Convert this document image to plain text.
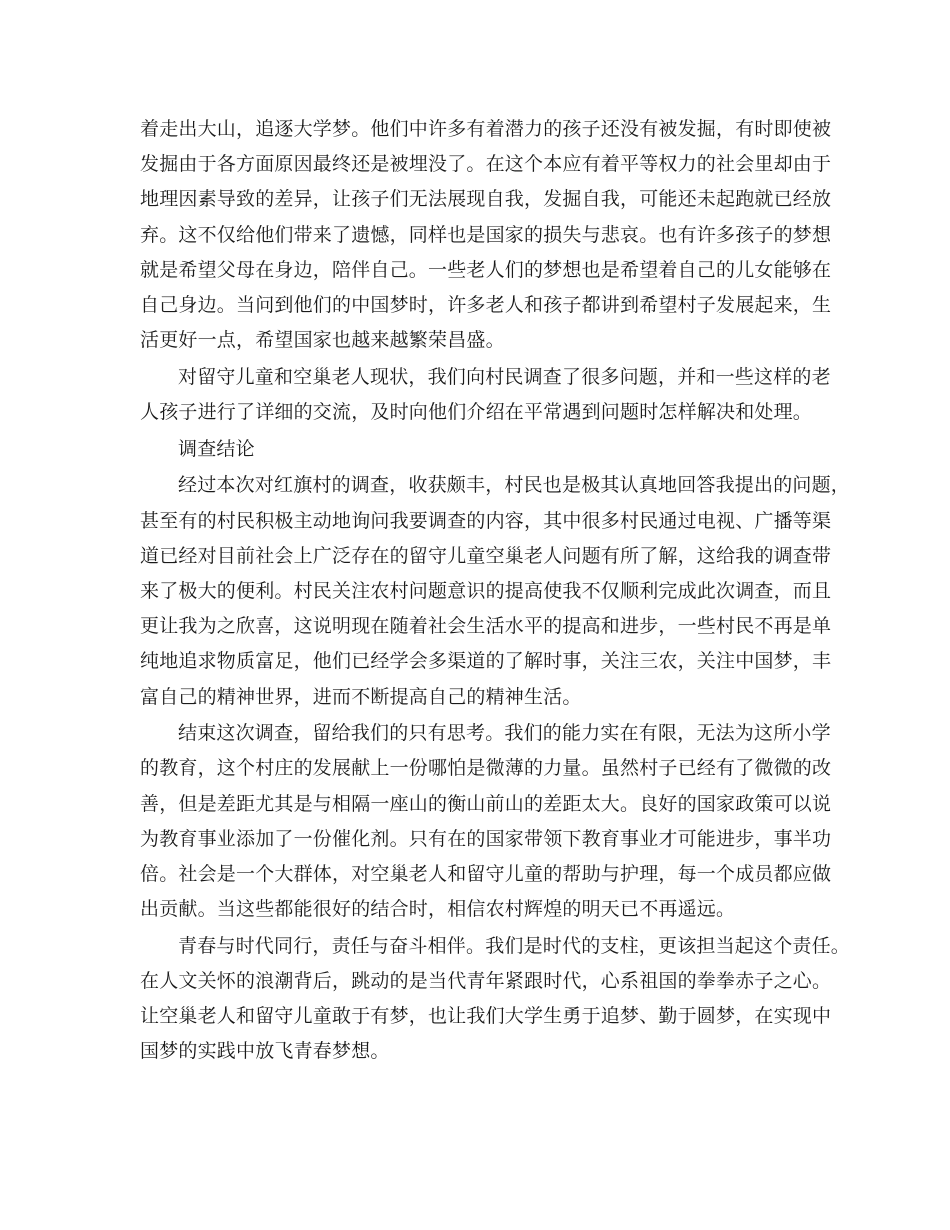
着走出大山，追逐大学梦。他们中许多有着潜力的孩子还没有被发掘，有时即使被
发掘由于各方面原因最终还是被埋没了。在这个本应有着平等权力的社会里却由于
地理因素导致的差异，让孩子们无法展现自我，发掘自我，可能还未起跑就已经放
弃。这不仅给他们带来了遗憾，同样也是国家的损失与悲哀。也有许多孩子的梦想
就是希望父母在身边，陪伴自己。一些老人们的梦想也是希望着自己的儿女能够在
自己身边。当问到他们的中国梦时，许多老人和孩子都讲到希望村子发展起来，生
活更好一点，希望国家也越来越繁荣昌盛。
对留守儿童和空巢老人现状，我们向村民调查了很多问题，并和一些这样的老
人孩子进行了详细的交流，及时向他们介绍在平常遇到问题时怎样解决和处理。
调查结论
经过本次对红旗村的调查，收获颇丰，村民也是极其认真地回答我提出的问题，
甚至有的村民积极主动地询问我要调查的内容，其中很多村民通过电视、广播等渠
道已经对目前社会上广泛存在的留守儿童空巢老人问题有所了解，这给我的调查带
来了极大的便利。村民关注农村问题意识的提高使我不仅顺利完成此次调查，而且
更让我为之欣喜，这说明现在随着社会生活水平的提高和进步，一些村民不再是单
纯地追求物质富足，他们已经学会多渠道的了解时事，关注三农，关注中国梦，丰
富自己的精神世界，进而不断提高自己的精神生活。
结束这次调查，留给我们的只有思考。我们的能力实在有限，无法为这所小学
的教育，这个村庄的发展献上一份哪怕是微薄的力量。虽然村子已经有了微微的改
善，但是差距尤其是与相隔一座山的衡山前山的差距太大。良好的国家政策可以说
为教育事业添加了一份催化剂。只有在的国家带领下教育事业才可能进步，事半功
倍。社会是一个大群体，对空巢老人和留守儿童的帮助与护理，每一个成员都应做
出贡献。当这些都能很好的结合时，相信农村辉煌的明天已不再遥远。
青春与时代同行，责任与奋斗相伴。我们是时代的支柱，更该担当起这个责任。
在人文关怀的浪潮背后，跳动的是当代青年紧跟时代，心系祖国的拳拳赤子之心。
让空巢老人和留守儿童敢于有梦，也让我们大学生勇于追梦、勤于圆梦，在实现中
国梦的实践中放飞青春梦想。
